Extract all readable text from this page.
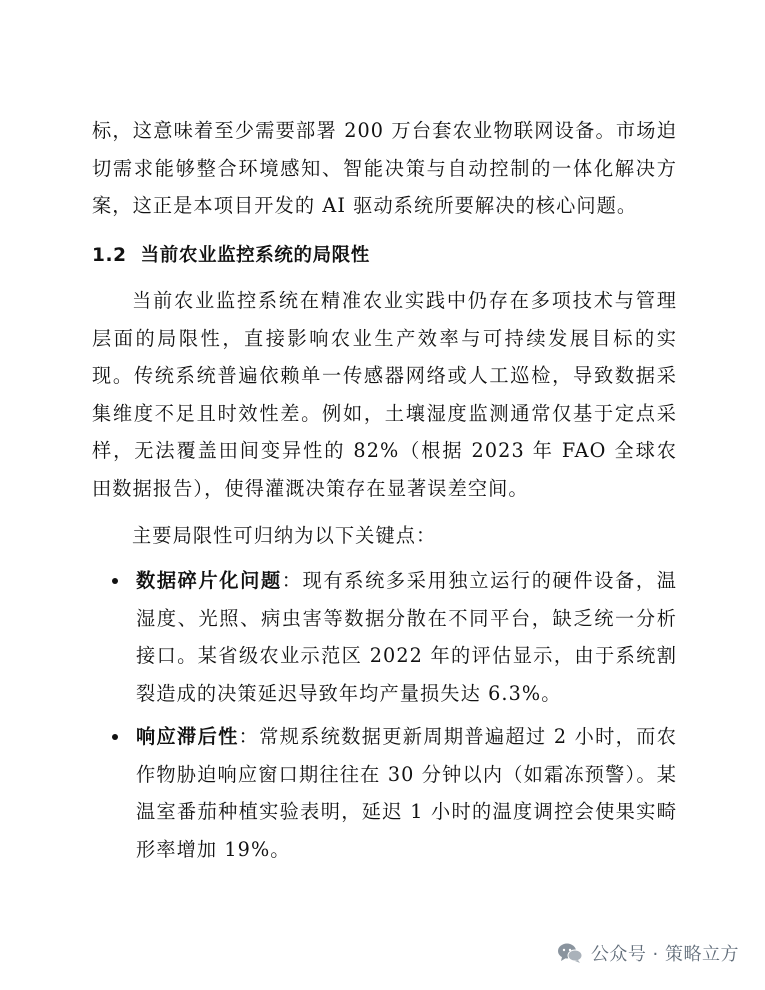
标，这意味着至少需要部署 200 万台套农业物联网设备。市场迫切需求能够整合环境感知、智能决策与自动控制的一体化解决方案，这正是本项目开发的 AI 驱动系统所要解决的核心问题。

1.2 当前农业监控系统的局限性

当前农业监控系统在精准农业实践中仍存在多项技术与管理层面的局限性，直接影响农业生产效率与可持续发展目标的实现。传统系统普遍依赖单一传感器网络或人工巡检，导致数据采集维度不足且时效性差。例如，土壤湿度监测通常仅基于定点采样，无法覆盖田间变异性的 82%（根据 2023 年 FAO 全球农田数据报告），使得灌溉决策存在显著误差空间。

主要局限性可归纳为以下关键点：

数据碎片化问题：现有系统多采用独立运行的硬件设备，温湿度、光照、病虫害等数据分散在不同平台，缺乏统一分析接口。某省级农业示范区 2022 年的评估显示，由于系统割裂造成的决策延迟导致年均产量损失达 6.3%。

响应滞后性：常规系统数据更新周期普遍超过 2 小时，而农作物胁迫响应窗口期往往在 30 分钟以内（如霜冻预警）。某温室番茄种植实验表明，延迟 1 小时的温度调控会使果实畸形率增加 19%。

公众号 · 策略立方
